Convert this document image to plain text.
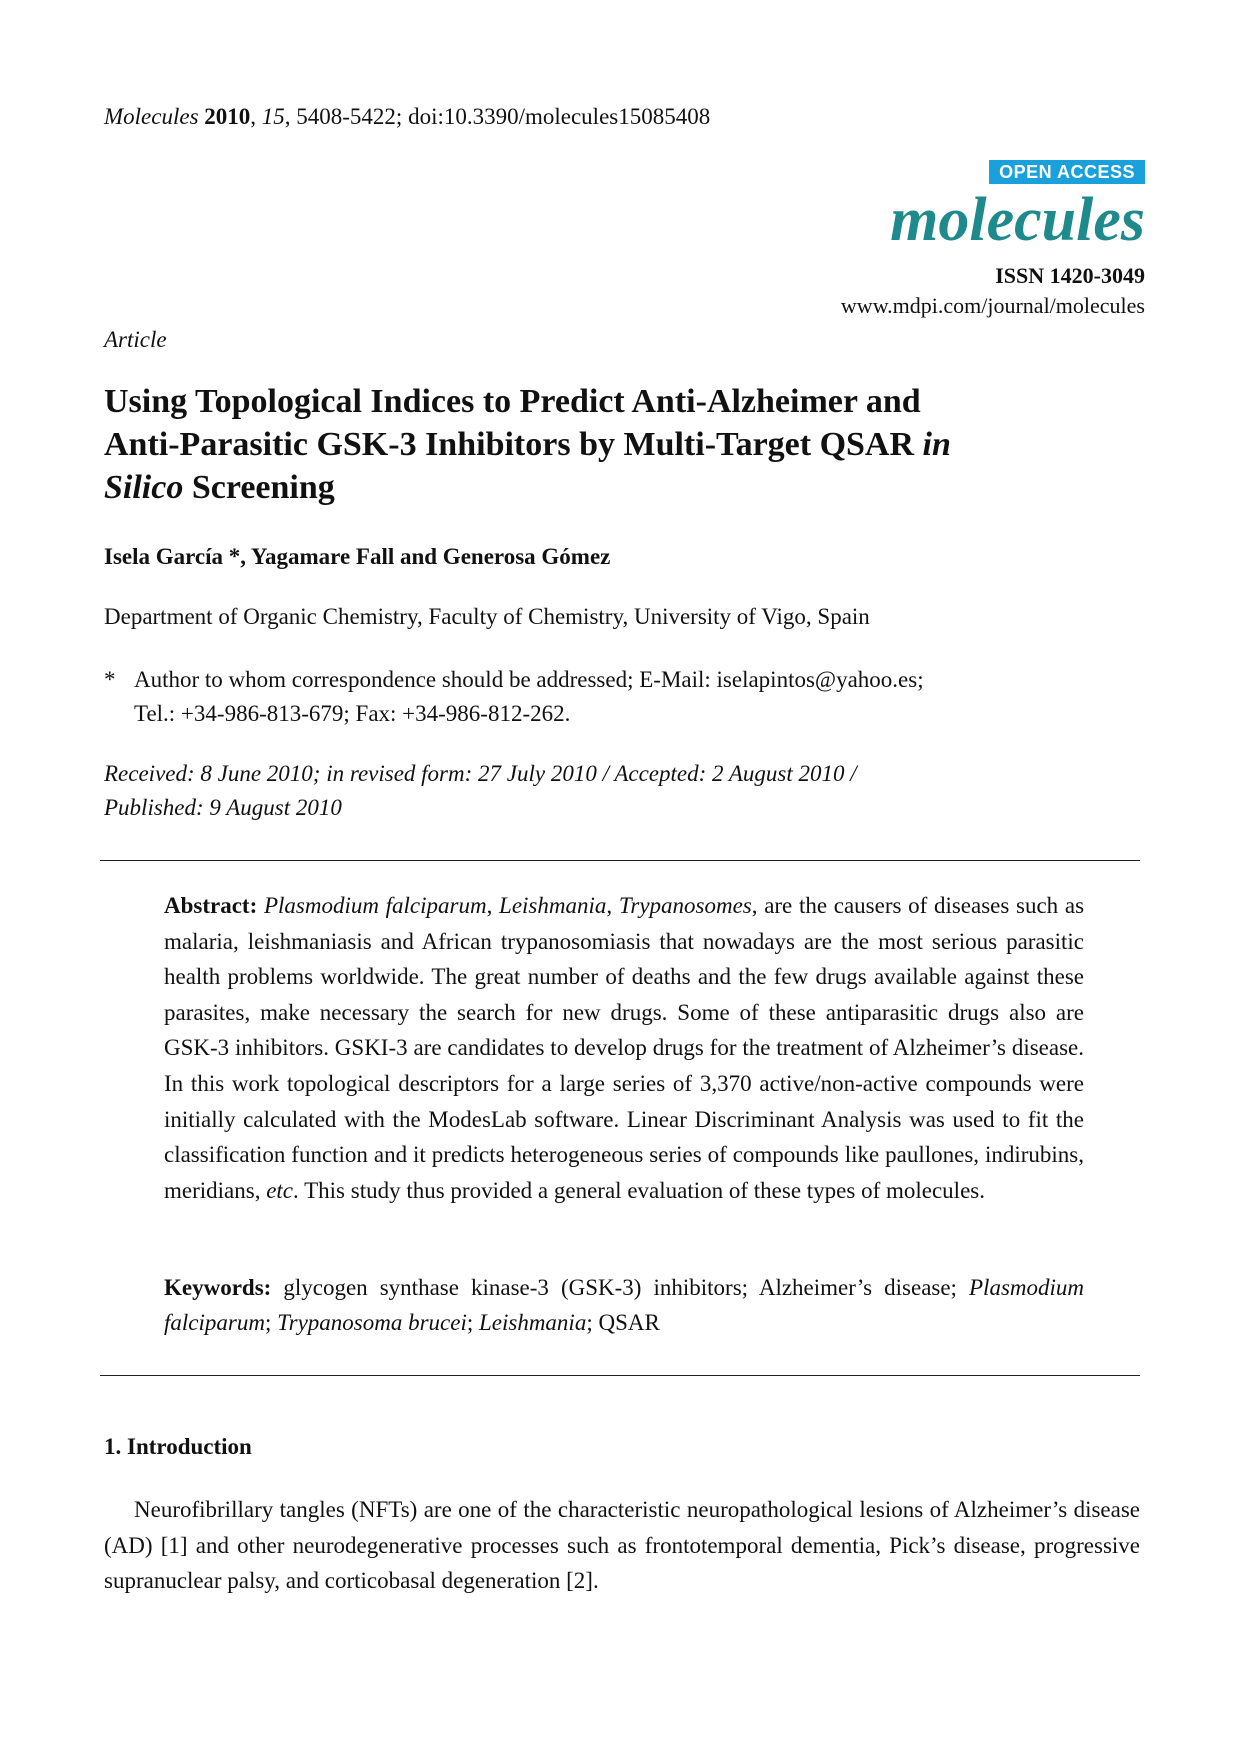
Molecules 2010, 15, 5408-5422; doi:10.3390/molecules15085408
OPEN ACCESS
molecules
ISSN 1420-3049
www.mdpi.com/journal/molecules
Article
Using Topological Indices to Predict Anti-Alzheimer and
Anti-Parasitic GSK-3 Inhibitors by Multi-Target QSAR in
Silico Screening
Isela García *, Yagamare Fall and Generosa Gómez
Department of Organic Chemistry, Faculty of Chemistry, University of Vigo, Spain
* Author to whom correspondence should be addressed; E-Mail: iselapintos@yahoo.es;
Tel.: +34-986-813-679; Fax: +34-986-812-262.
Received: 8 June 2010; in revised form: 27 July 2010 / Accepted: 2 August 2010 /
Published: 9 August 2010
Abstract: Plasmodium falciparum, Leishmania, Trypanosomes, are the causers of diseases such as malaria, leishmaniasis and African trypanosomiasis that nowadays are the most serious parasitic health problems worldwide. The great number of deaths and the few drugs available against these parasites, make necessary the search for new drugs. Some of these antiparasitic drugs also are GSK-3 inhibitors. GSKI-3 are candidates to develop drugs for the treatment of Alzheimer’s disease. In this work topological descriptors for a large series of 3,370 active/non-active compounds were initially calculated with the ModesLab software. Linear Discriminant Analysis was used to fit the classification function and it predicts heterogeneous series of compounds like paullones, indirubins, meridians, etc. This study thus provided a general evaluation of these types of molecules.
Keywords: glycogen synthase kinase-3 (GSK-3) inhibitors; Alzheimer’s disease; Plasmodium falciparum; Trypanosoma brucei; Leishmania; QSAR
1. Introduction
Neurofibrillary tangles (NFTs) are one of the characteristic neuropathological lesions of Alzheimer’s disease (AD) [1] and other neurodegenerative processes such as frontotemporal dementia, Pick’s disease, progressive supranuclear palsy, and corticobasal degeneration [2].
